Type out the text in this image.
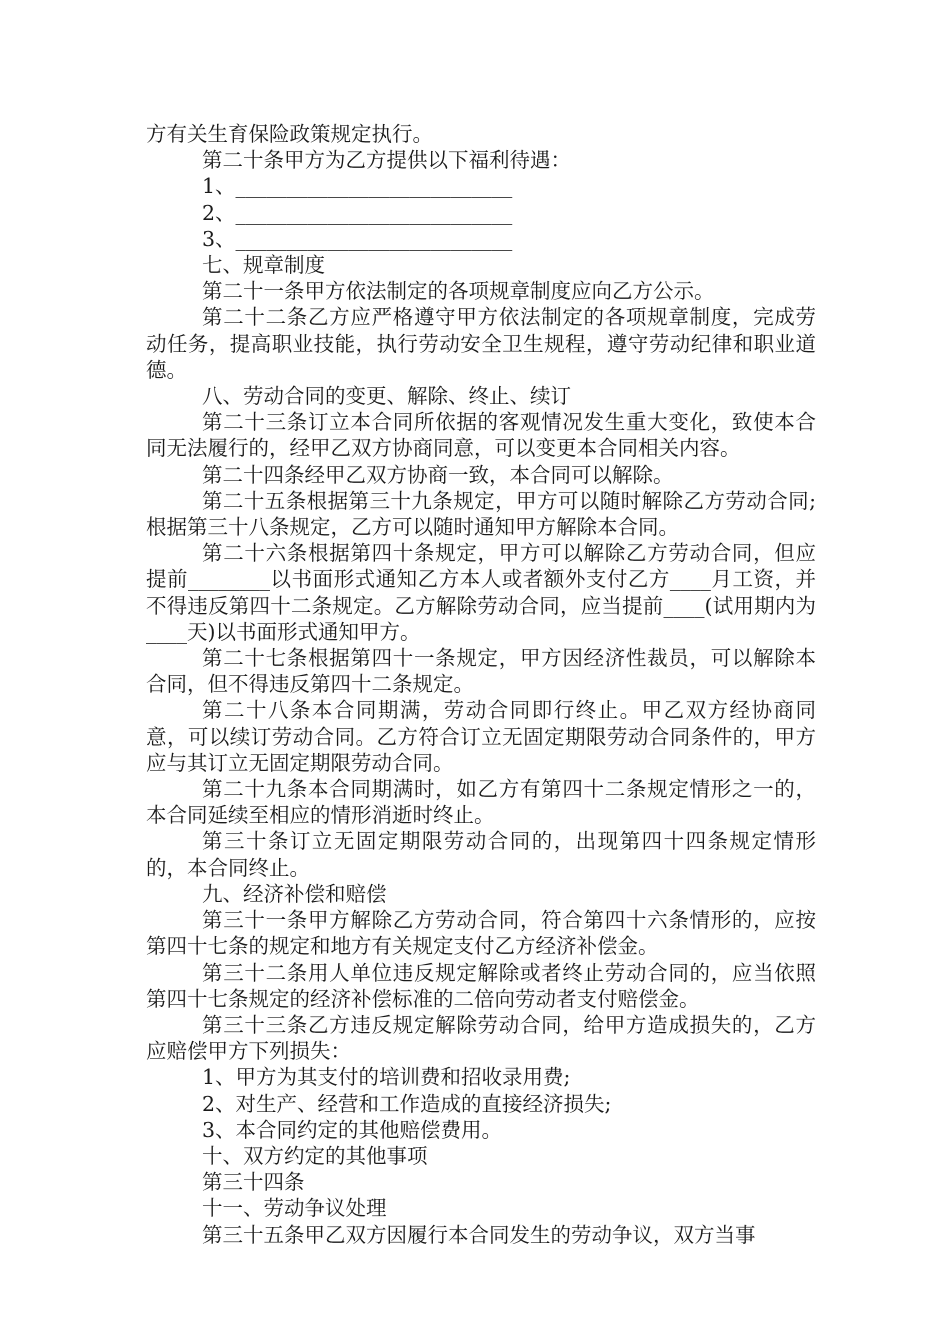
方有关生育保险政策规定执行。

第二十条甲方为乙方提供以下福利待遇：

1、___________________________

2、___________________________

3、___________________________

七、规章制度

第二十一条甲方依法制定的各项规章制度应向乙方公示。

第二十二条乙方应严格遵守甲方依法制定的各项规章制度，完成劳动任务，提高职业技能，执行劳动安全卫生规程，遵守劳动纪律和职业道德。

八、劳动合同的变更、解除、终止、续订

第二十三条订立本合同所依据的客观情况发生重大变化，致使本合同无法履行的，经甲乙双方协商同意，可以变更本合同相关内容。

第二十四条经甲乙双方协商一致，本合同可以解除。

第二十五条根据第三十九条规定，甲方可以随时解除乙方劳动合同;根据第三十八条规定，乙方可以随时通知甲方解除本合同。

第二十六条根据第四十条规定，甲方可以解除乙方劳动合同，但应提前________以书面形式通知乙方本人或者额外支付乙方____月工资，并不得违反第四十二条规定。乙方解除劳动合同，应当提前____(试用期内为____天)以书面形式通知甲方。

第二十七条根据第四十一条规定，甲方因经济性裁员，可以解除本合同，但不得违反第四十二条规定。

第二十八条本合同期满，劳动合同即行终止。甲乙双方经协商同意，可以续订劳动合同。乙方符合订立无固定期限劳动合同条件的，甲方应与其订立无固定期限劳动合同。

第二十九条本合同期满时，如乙方有第四十二条规定情形之一的，本合同延续至相应的情形消逝时终止。

第三十条订立无固定期限劳动合同的，出现第四十四条规定情形的，本合同终止。

九、经济补偿和赔偿

第三十一条甲方解除乙方劳动合同，符合第四十六条情形的，应按第四十七条的规定和地方有关规定支付乙方经济补偿金。

第三十二条用人单位违反规定解除或者终止劳动合同的，应当依照第四十七条规定的经济补偿标准的二倍向劳动者支付赔偿金。

第三十三条乙方违反规定解除劳动合同，给甲方造成损失的，乙方应赔偿甲方下列损失：

1、甲方为其支付的培训费和招收录用费;

2、对生产、经营和工作造成的直接经济损失;

3、本合同约定的其他赔偿费用。

十、双方约定的其他事项

第三十四条

十一、劳动争议处理

第三十五条甲乙双方因履行本合同发生的劳动争议，双方当事
